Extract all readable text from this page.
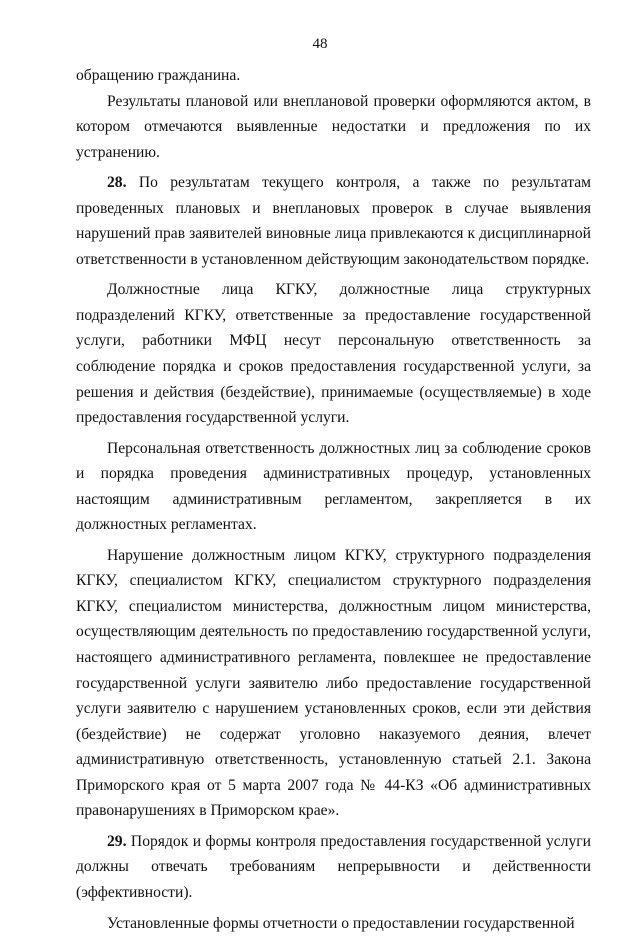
48

обращению гражданина.

Результаты плановой или внеплановой проверки оформляются актом, в котором отмечаются выявленные недостатки и предложения по их устранению.

28. По результатам текущего контроля, а также по результатам проведенных плановых и внеплановых проверок в случае выявления нарушений прав заявителей виновные лица привлекаются к дисциплинарной ответственности в установленном действующим законодательством порядке.

Должностные лица КГКУ, должностные лица структурных подразделений КГКУ, ответственные за предоставление государственной услуги, работники МФЦ несут персональную ответственность за соблюдение порядка и сроков предоставления государственной услуги, за решения и действия (бездействие), принимаемые (осуществляемые) в ходе предоставления государственной услуги.

Персональная ответственность должностных лиц за соблюдение сроков и порядка проведения административных процедур, установленных настоящим административным регламентом, закрепляется в их должностных регламентах.

Нарушение должностным лицом КГКУ, структурного подразделения КГКУ, специалистом КГКУ, специалистом структурного подразделения КГКУ, специалистом министерства, должностным лицом министерства, осуществляющим деятельность по предоставлению государственной услуги, настоящего административного регламента, повлекшее не предоставление государственной услуги заявителю либо предоставление государственной услуги заявителю с нарушением установленных сроков, если эти действия (бездействие) не содержат уголовно наказуемого деяния, влечет административную ответственность, установленную статьей 2.1. Закона Приморского края от 5 марта 2007 года № 44-КЗ «Об административных правонарушениях в Приморском крае».

29. Порядок и формы контроля предоставления государственной услуги должны отвечать требованиям непрерывности и действенности (эффективности).

Установленные формы отчетности о предоставлении государственной
